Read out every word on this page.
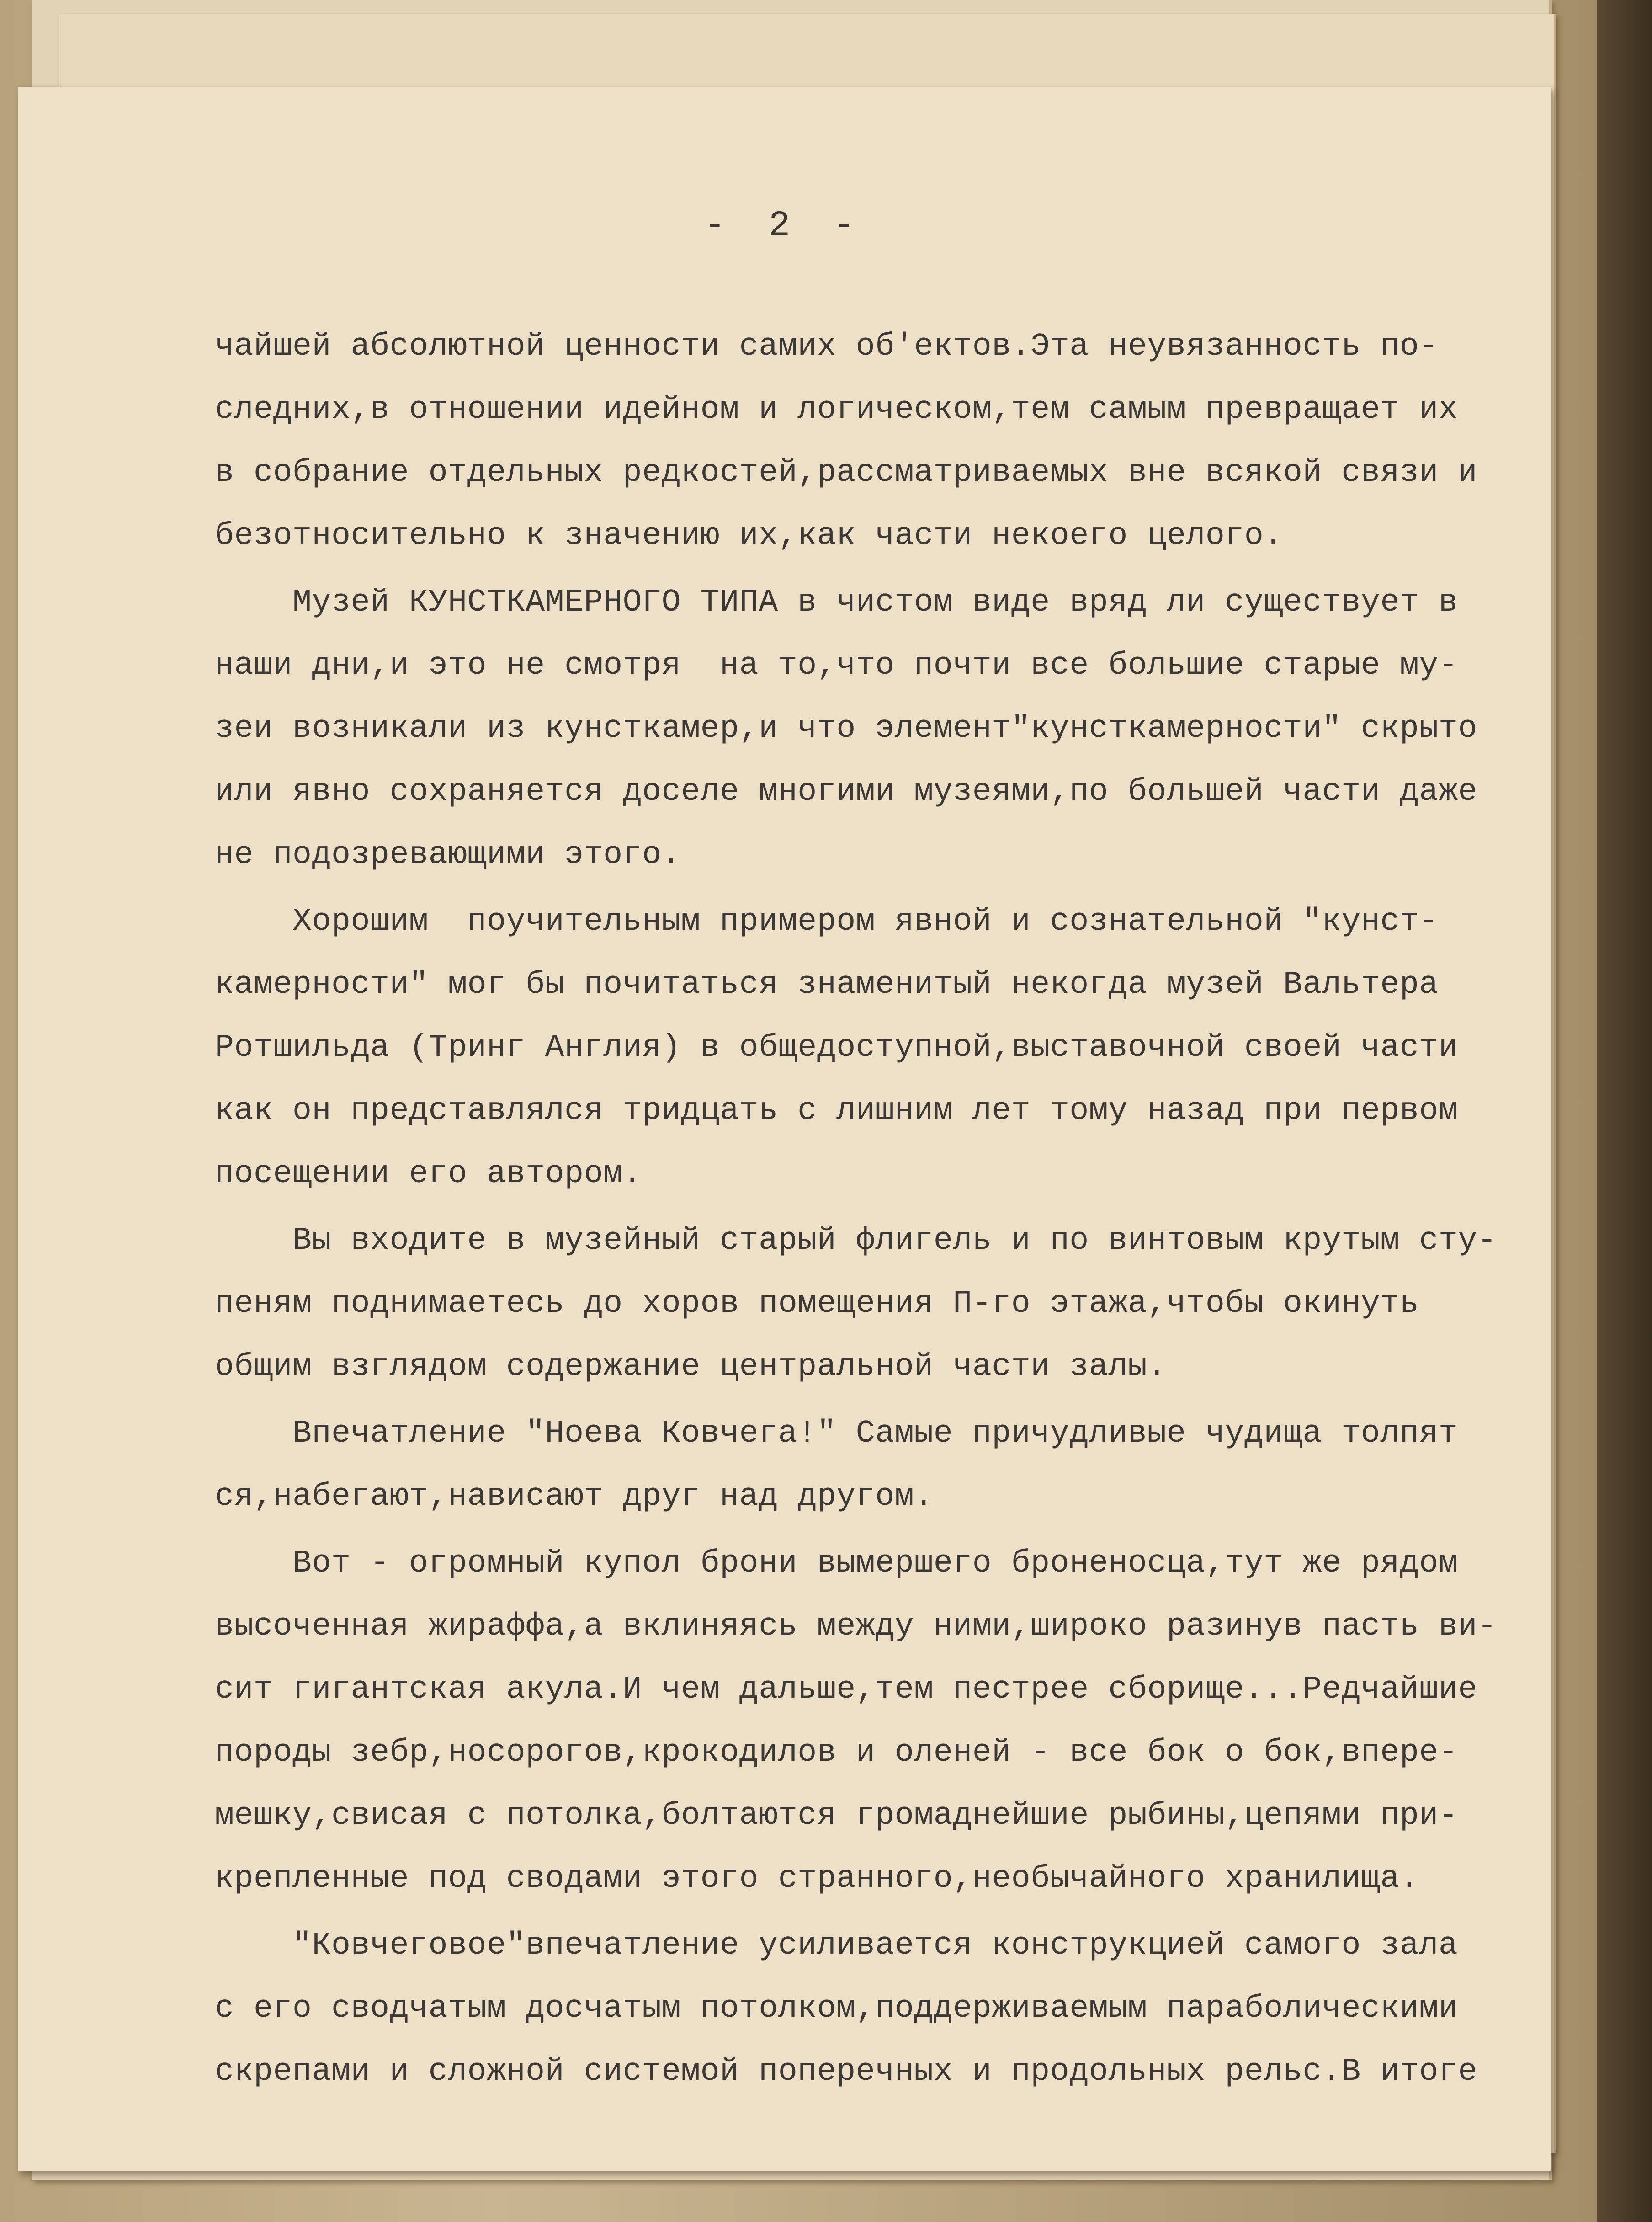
- 2 -
чайшей абсолютной ценности самих об'ектов.Эта неувязанность по-
следних,в отношении идейном и логическом,тем самым превращает их
в собрание отдельных редкостей,рассматриваемых вне всякой связи и
безотносительно к значению их,как части некоего целого.
Музей КУНСТКАМЕРНОГО ТИПА в чистом виде вряд ли существует в
наши дни,и это не смотря  на то,что почти все большие старые му-
зеи возникали из кунсткамер,и что элемент"кунсткамерности" скрыто
или явно сохраняется доселе многими музеями,по большей части даже
не подозревающими этого.
Хорошим  поучительным примером явной и сознательной "кунст-
камерности" мог бы почитаться знаменитый некогда музей Вальтера
Ротшильда (Тринг Англия) в общедоступной,выставочной своей части
как он представлялся тридцать с лишним лет тому назад при первом
посещении его автором.
Вы входите в музейный старый флигель и по винтовым крутым сту-
пеням поднимаетесь до хоров помещения П-го этажа,чтобы окинуть
общим взглядом содержание центральной части залы.
Впечатление "Ноева Ковчега!" Самые причудливые чудища толпят
ся,набегают,нависают друг над другом.
Вот - огромный купол брони вымершего броненосца,тут же рядом
высоченная жираффа,а вклиняясь между ними,широко разинув пасть ви-
сит гигантская акула.И чем дальше,тем пестрее сборище...Редчайшие
породы зебр,носорогов,крокодилов и оленей - все бок о бок,впере-
мешку,свисая с потолка,болтаются громаднейшие рыбины,цепями при-
крепленные под сводами этого странного,необычайного хранилища.
"Ковчеговое"впечатление усиливается конструкцией самого зала
с его сводчатым досчатым потолком,поддерживаемым параболическими
скрепами и сложной системой поперечных и продольных рельс.В итоге
